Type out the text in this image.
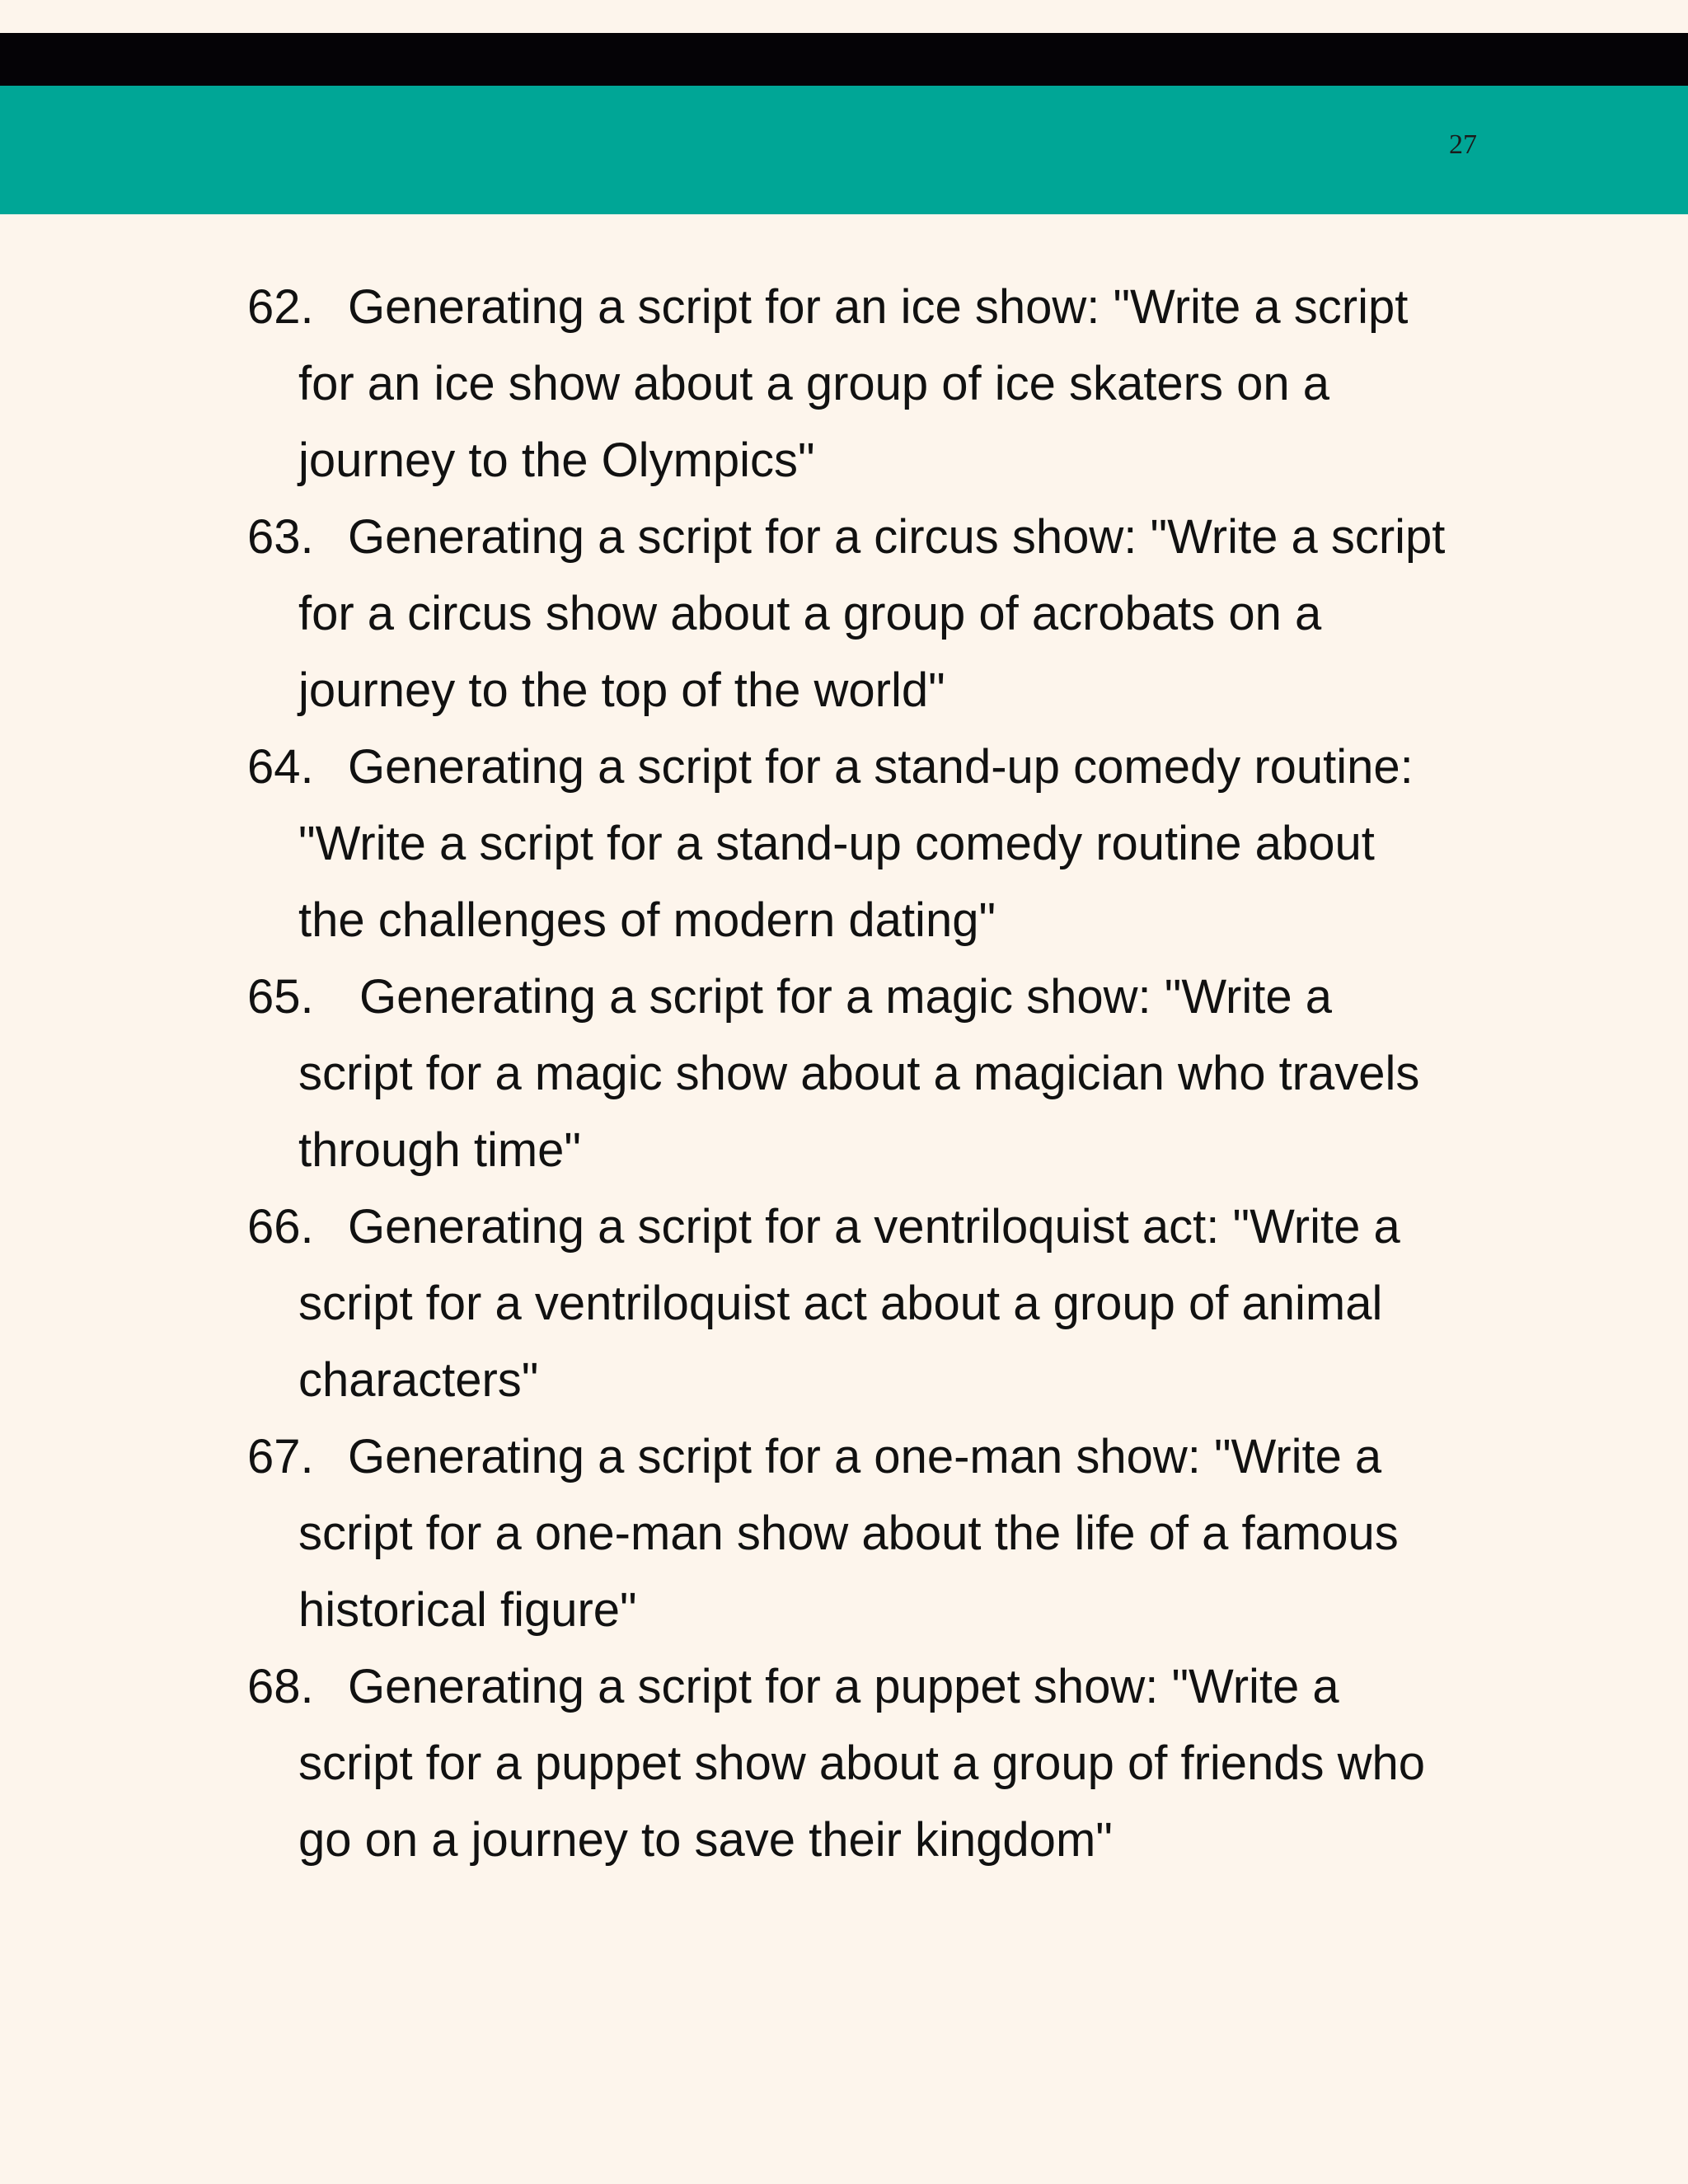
27
62. Generating a script for an ice show: "Write a script
for an ice show about a group of ice skaters on a
journey to the Olympics"
63. Generating a script for a circus show: "Write a script
for a circus show about a group of acrobats on a
journey to the top of the world"
64. Generating a script for a stand-up comedy routine:
"Write a script for a stand-up comedy routine about
the challenges of modern dating"
65. Generating a script for a magic show: "Write a
script for a magic show about a magician who travels
through time"
66. Generating a script for a ventriloquist act: "Write a
script for a ventriloquist act about a group of animal
characters"
67. Generating a script for a one-man show: "Write a
script for a one-man show about the life of a famous
historical figure"
68. Generating a script for a puppet show: "Write a
script for a puppet show about a group of friends who
go on a journey to save their kingdom"
